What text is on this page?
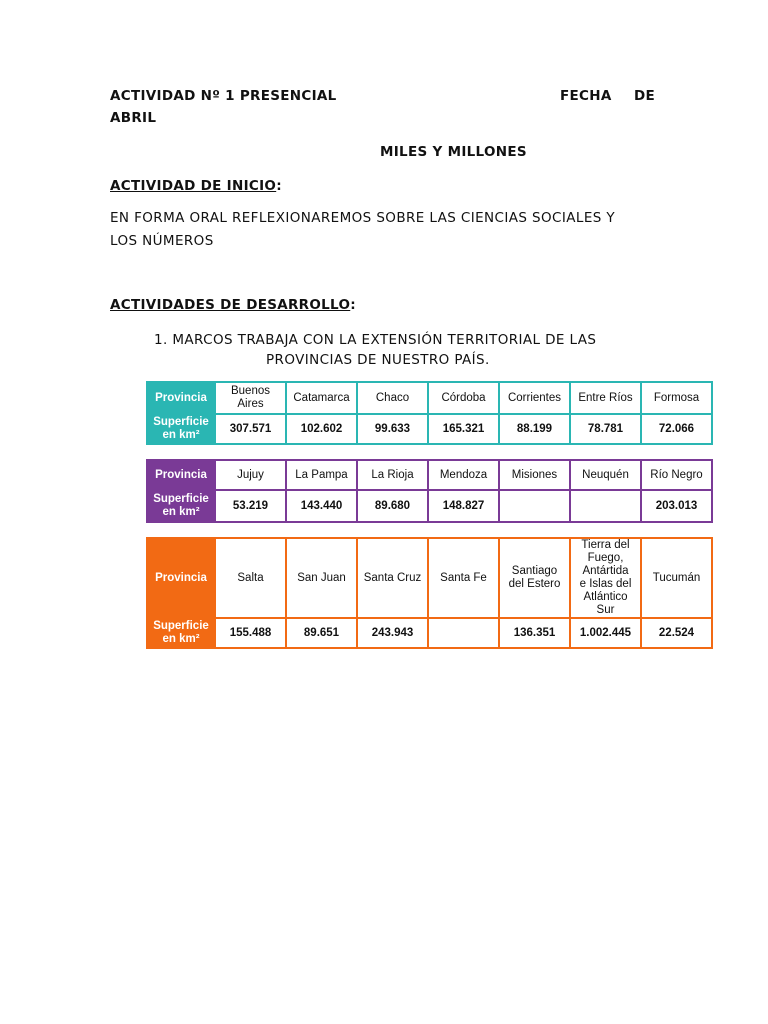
ACTIVIDAD Nº 1 PRESENCIAL	FECHA DE
ABRIL
MILES Y MILLONES
ACTIVIDAD DE INICIO:
EN FORMA ORAL REFLEXIONAREMOS SOBRE LAS CIENCIAS SOCIALES Y
LOS NÚMEROS
ACTIVIDADES DE DESARROLLO:
1. MARCOS TRABAJA CON LA EXTENSIÓN TERRITORIAL DE LAS
PROVINCIAS DE NUESTRO PAÍS.
Provincia	Buenos
Aires	Catamarca	Chaco	Córdoba	Corrientes	Entre Ríos	Formosa
Superficie
en km²	307.571	102.602	99.633	165.321	88.199	78.781	72.066
Provincia	Jujuy	La Pampa	La Rioja	Mendoza	Misiones	Neuquén	Río Negro
Superficie
en km²	53.219	143.440	89.680	148.827			203.013
Provincia	Salta	San Juan	Santa Cruz	Santa Fe	Santiago
del Estero	Tierra del
Fuego,
Antártida
e Islas del
Atlántico Sur	Tucumán
Superficie
en km²	155.488	89.651	243.943		136.351	1.002.445	22.524
